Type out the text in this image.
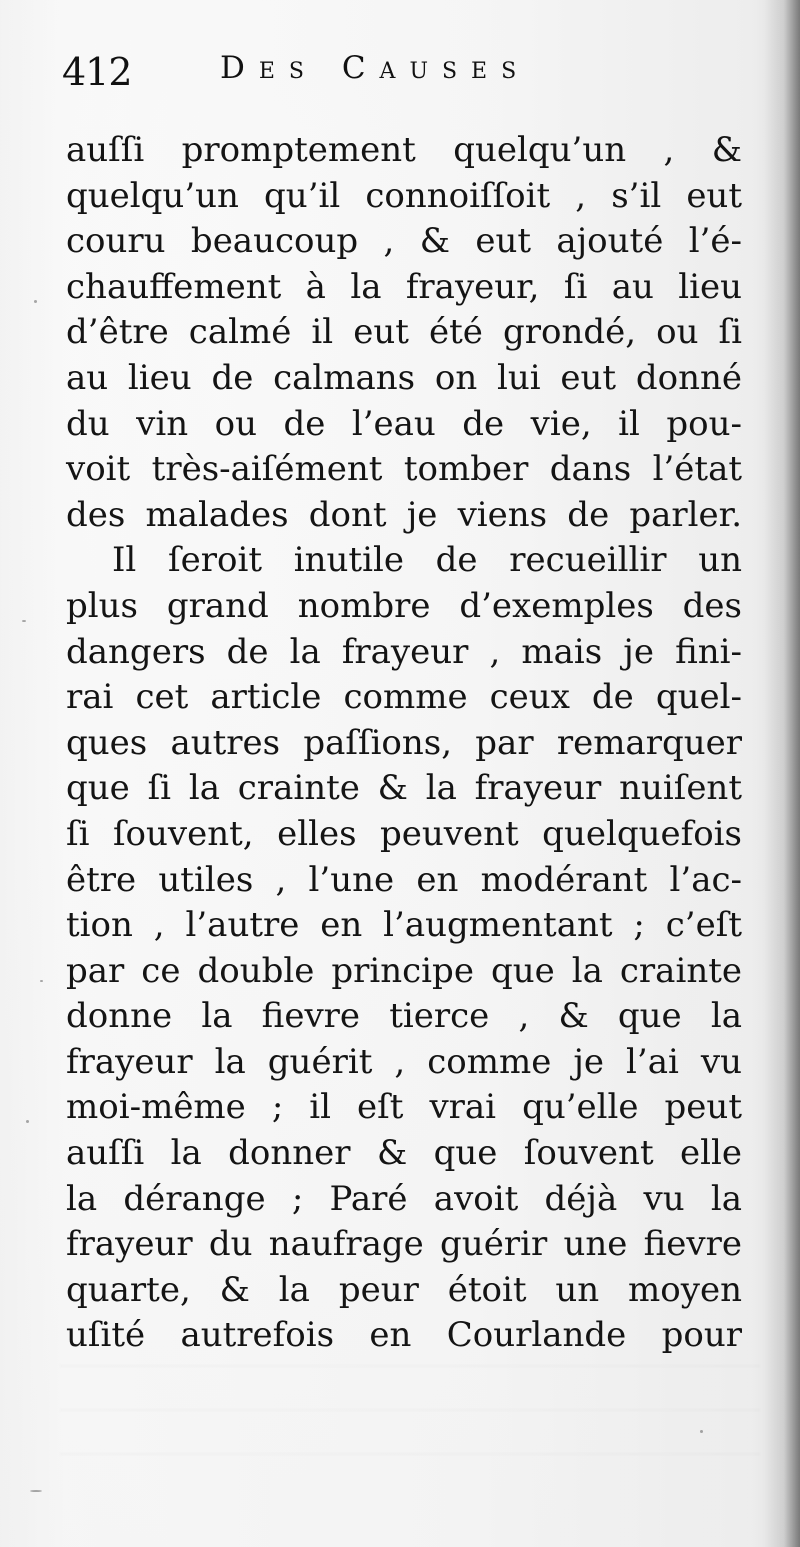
412	Des Causes
auſſi promptement quelqu’un , &
quelqu’un qu’il connoiſſoit , s’il eut
couru beaucoup , & eut ajouté l’é-
chauffement à la frayeur, ſi au lieu
d’être calmé il eut été grondé, ou ſi
au lieu de calmans on lui eut donné
du vin ou de l’eau de vie, il pou-
voit très-aiſément tomber dans l’état
des malades dont je viens de parler.
Il ſeroit inutile de recueillir un
plus grand nombre d’exemples des
dangers de la frayeur , mais je fini-
rai cet article comme ceux de quel-
ques autres paſſions, par remarquer
que ſi la crainte & la frayeur nuiſent
ſi ſouvent, elles peuvent quelquefois
être utiles , l’une en modérant l’ac-
tion , l’autre en l’augmentant ; c’eſt
par ce double principe que la crainte
donne la fievre tierce , & que la
frayeur la guérit , comme je l’ai vu
moi-même ; il eſt vrai qu’elle peut
auſſi la donner & que ſouvent elle
la dérange ; Paré avoit déjà vu la
frayeur du naufrage guérir une fievre
quarte, & la peur étoit un moyen
uſité autrefois en Courlande pour
